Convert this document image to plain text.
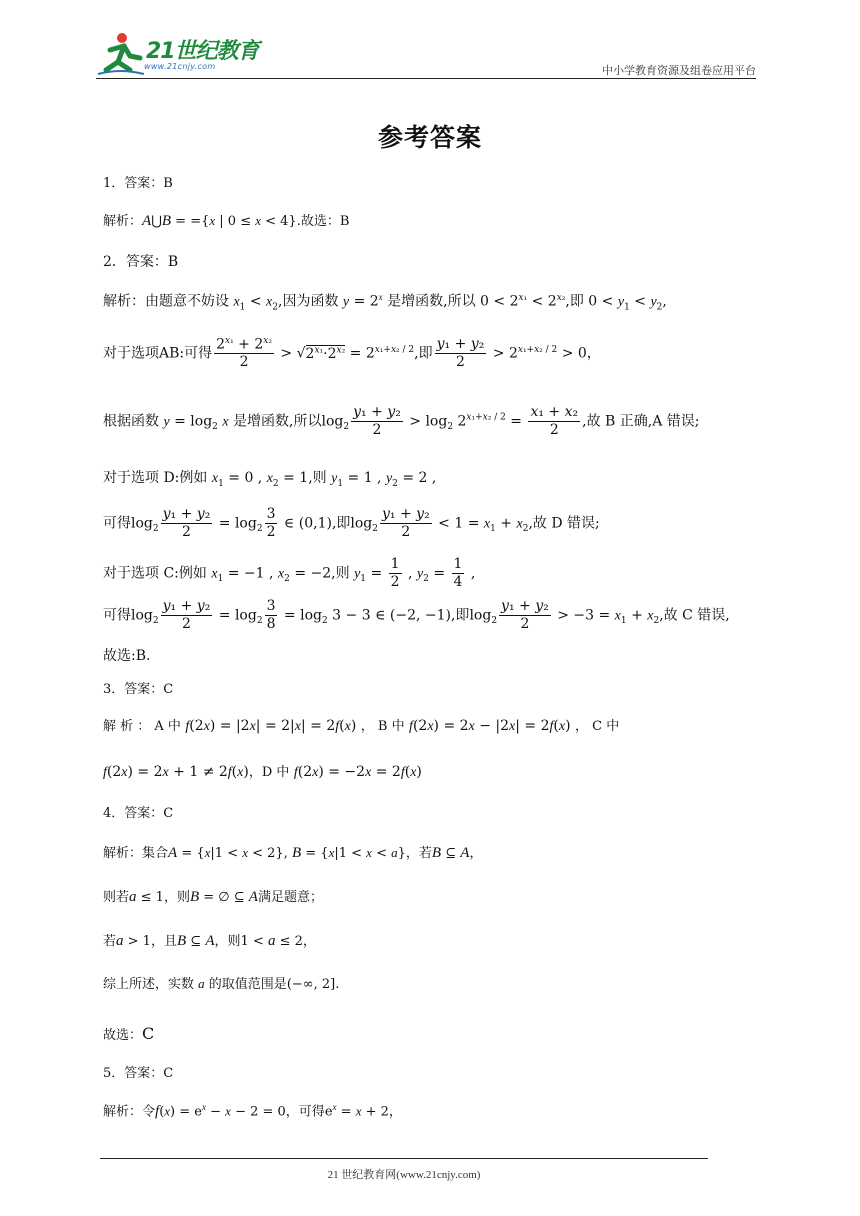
21世纪教育
www.21cnjy.com	中小学教育资源及组卷应用平台
参考答案
1．答案：B
解析：A⋃B = ={x | 0 ≤ x < 4}.故选：B
2．答案：B
解析：由题意不妨设 $x_1 < x_2$,因为函数 $y = 2^x$ 是增函数,所以 $0 < 2^{x_1} < 2^{x_2}$,即 $0 < y_1 < y_2$,
对于选项AB:可得 $\frac{2^{x_1} + 2^{x_2}}{2} > √2^{x_1}\cdot 2^{x_2} = 2^{x_1+x_2 / 2}$,即 $\frac{\text{y₁ + y₂}}{2} > 2^{x_1+x_2 / 2} > 0$，
根据函数 $y = \log_2 x$ 是增函数,所以$\log_2 \frac{\text{y₁ + y₂}}{2} > \log_2 2^{x_1+x_2 / 2} = \frac{\text{x₁ + x₂}}{2}$ ,故 B 正确,A 错误;
对于选项 D:例如 $x_1 = 0$ , $x_2 = 1$,则 $y_1 = 1$ , $y_2 = 2$ ,
可得$\log_2 \frac{\text{y₁ + y₂}}{2} = \log_2 \frac{3}{2}$ ∈ (0,1),即$\log_2 \frac{\text{y₁ + y₂}}{2} < 1 = x_1 + x_2$,故 D 错误;
对于选项 C:例如 $x_1 = -1$ , $x_2 = -2$,则 $y_1 = \frac{1}{2}$ , $y_2 = \frac{1}{4}$ ,
可得$\log_2 \frac{\text{y₁ + y₂}}{2} = \log_2 \frac{3}{8} = \log_2 3 - 3$ ∈ (−2, −1),即$\log_2 \frac{\text{y₁ + y₂}}{2} > -3 = x_1 + x_2$,故 C 错误,
故选:B.
3．答案：C
解 析 ： A 中 f(2x) = |2x| = 2|x| = 2f(x) ， B 中 f(2x) = 2x − |2x| = 2f(x) ， C 中
f(2x) = 2x + 1 ≠ 2f(x)，D 中 f(2x) = −2x = 2f(x)
4．答案：C
解析：集合A = {x|1 < x < 2}, B = {x|1 < x < a}，若B ⊆ A，
则若a ≤ 1，则B = ∅ ⊆ A满足题意；
若a > 1，且B ⊆ A，则1 < a ≤ 2，
综上所述，实数 a 的取值范围是(−∞, 2].
故选：C
5．答案：C
解析：令$f(x) = e^x - x - 2 = 0$，可得$e^x = x + 2$，
21 世纪教育网(www.21cnjy.com)
